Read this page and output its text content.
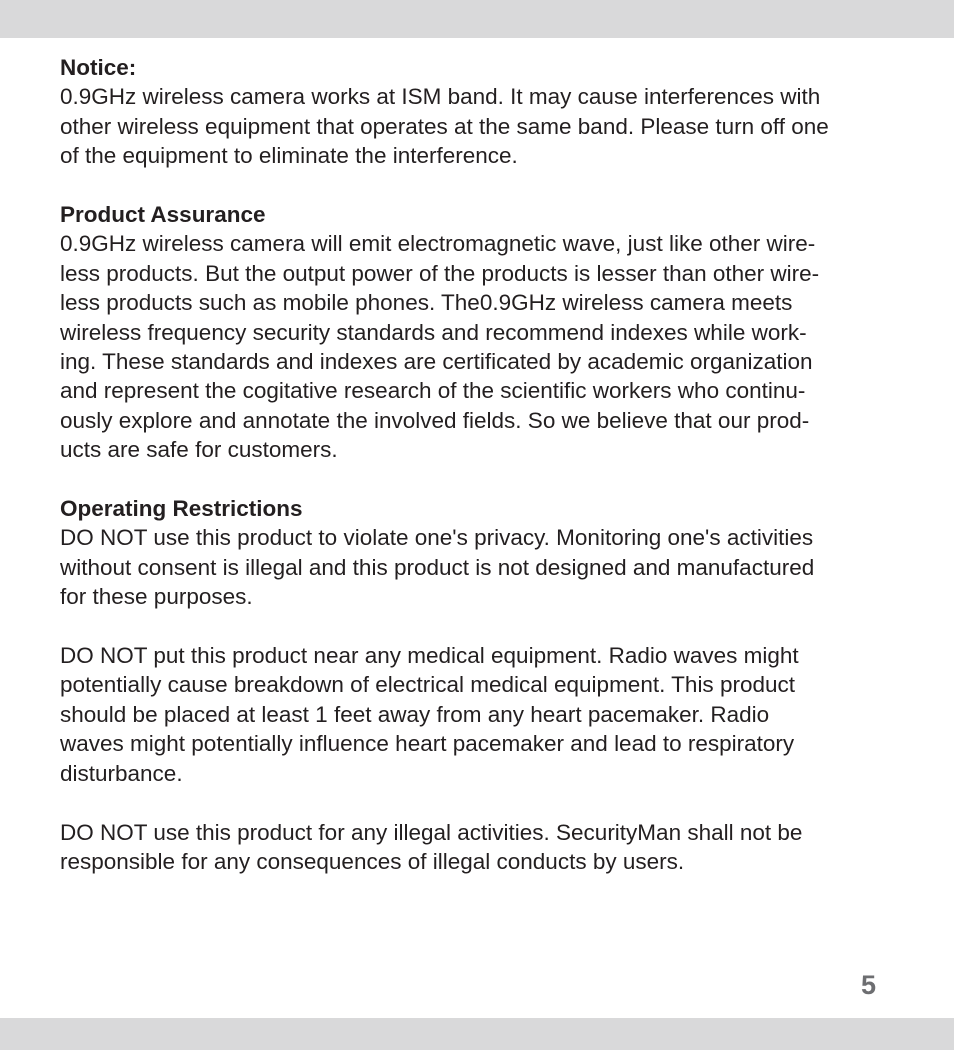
Notice:

0.9GHz wireless camera works at ISM band. It may cause interferences with

other wireless equipment that operates at the same band. Please turn off one

of the equipment to eliminate the interference.

Product Assurance

0.9GHz wireless camera will emit electromagnetic wave, just like other wire-

less products. But the output power of the products is lesser than other wire-

less products such as mobile phones. The0.9GHz wireless camera meets

wireless frequency security standards and recommend indexes while work-

ing. These standards and indexes are certificated by academic organization

and represent the cogitative research of the scientific workers who continu-

ously explore and annotate the involved fields. So we believe that our prod-

ucts are safe for customers.

Operating Restrictions

DO NOT use this product to violate one's privacy. Monitoring one's activities

without consent is illegal and this product is not designed and manufactured

for these purposes.

DO NOT put this product near any medical equipment. Radio waves might

potentially cause breakdown of electrical medical equipment. This product

should be placed at least 1 feet away from any heart pacemaker. Radio

waves might potentially influence heart pacemaker and lead to respiratory

disturbance.

DO NOT use this product for any illegal activities. SecurityMan shall not be

responsible for any consequences of illegal conducts by users.

5
